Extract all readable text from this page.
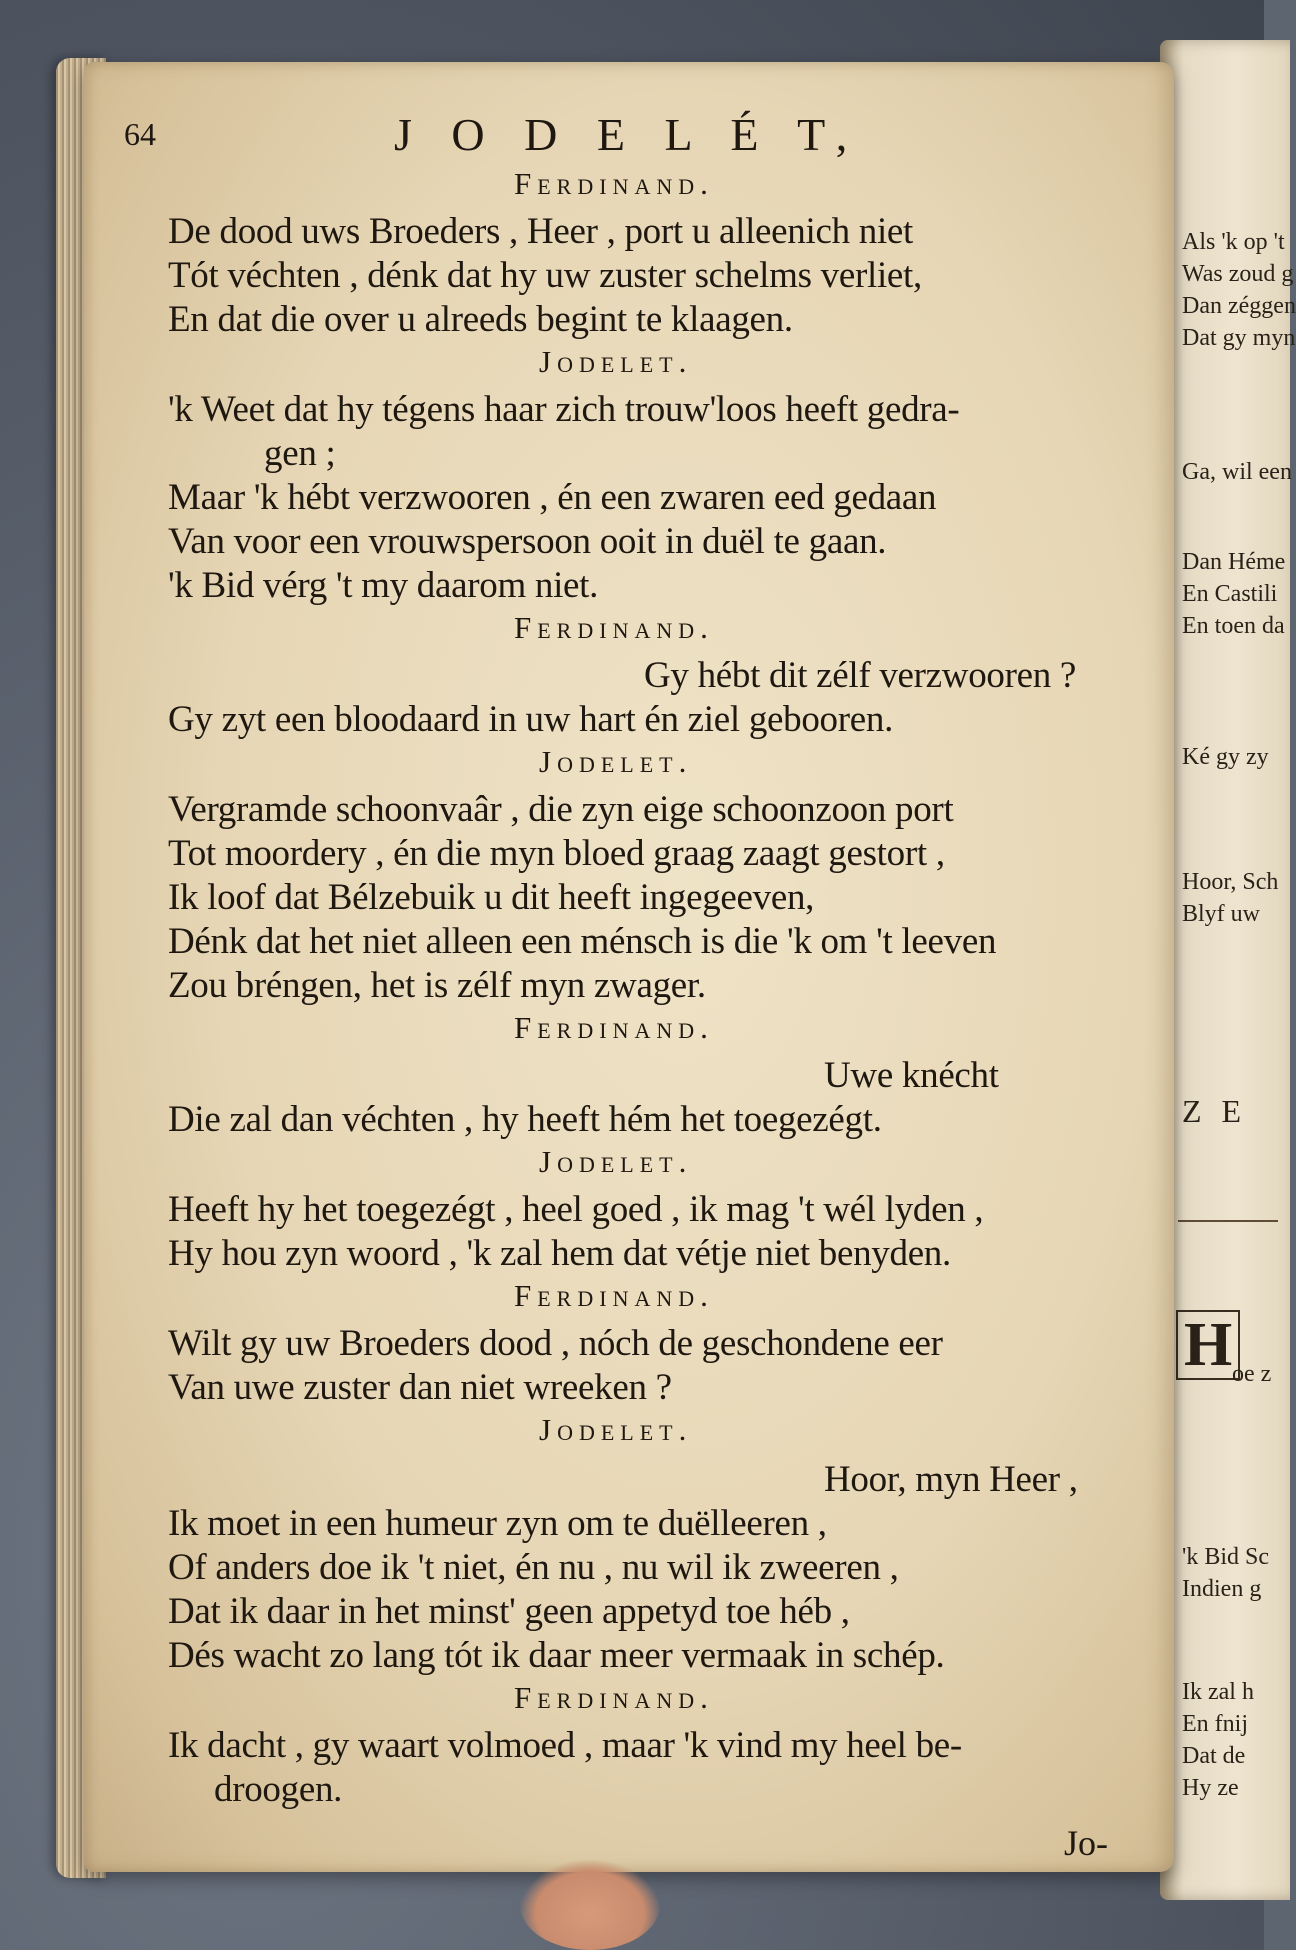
Als 'k op 't
Was zoud g
Dan zéggen
Dat gy myn
Ga, wil een
Dan Héme
En Castili
En toen da
Ké gy zy
Hoor, Sch
Blyf uw
Z E
H oe z
'k Bid Sc
Indien g
Ik zal h
En fnij
Dat de
Hy ze
64	J O D E L É T,
Ferdinand.
De dood uws Broeders , Heer , port u alleenich niet
Tót véchten , dénk dat hy uw zuster schelms verliet,
En dat die over u alreeds begint te klaagen.
Jodelet.
'k Weet dat hy tégens haar zich trouw'loos heeft gedra-
gen ;
Maar 'k hébt verzwooren , én een zwaren eed gedaan
Van voor een vrouwspersoon ooit in duël te gaan.
'k Bid vérg 't my daarom niet.
Ferdinand.
Gy hébt dit zélf verzwooren ?
Gy zyt een bloodaard in uw hart én ziel gebooren.
Jodelet.
Vergramde schoonvaâr , die zyn eige schoonzoon port
Tot moordery , én die myn bloed graag zaagt gestort ,
Ik loof dat Bélzebuik u dit heeft ingegeeven,
Dénk dat het niet alleen een ménsch is die 'k om 't leeven
Zou bréngen, het is zélf myn zwager.
Ferdinand.
Uwe knécht
Die zal dan véchten , hy heeft hém het toegezégt.
Jodelet.
Heeft hy het toegezégt , heel goed , ik mag 't wél lyden ,
Hy hou zyn woord , 'k zal hem dat vétje niet benyden.
Ferdinand.
Wilt gy uw Broeders dood , nóch de geschondene eer
Van uwe zuster dan niet wreeken ?
Jodelet.
Hoor, myn Heer ,
Ik moet in een humeur zyn om te duëlleeren ,
Of anders doe ik 't niet, én nu , nu wil ik zweeren ,
Dat ik daar in het minst' geen appetyd toe héb ,
Dés wacht zo lang tót ik daar meer vermaak in schép.
Ferdinand.
Ik dacht , gy waart volmoed , maar 'k vind my heel be-
droogen.
Jo-
